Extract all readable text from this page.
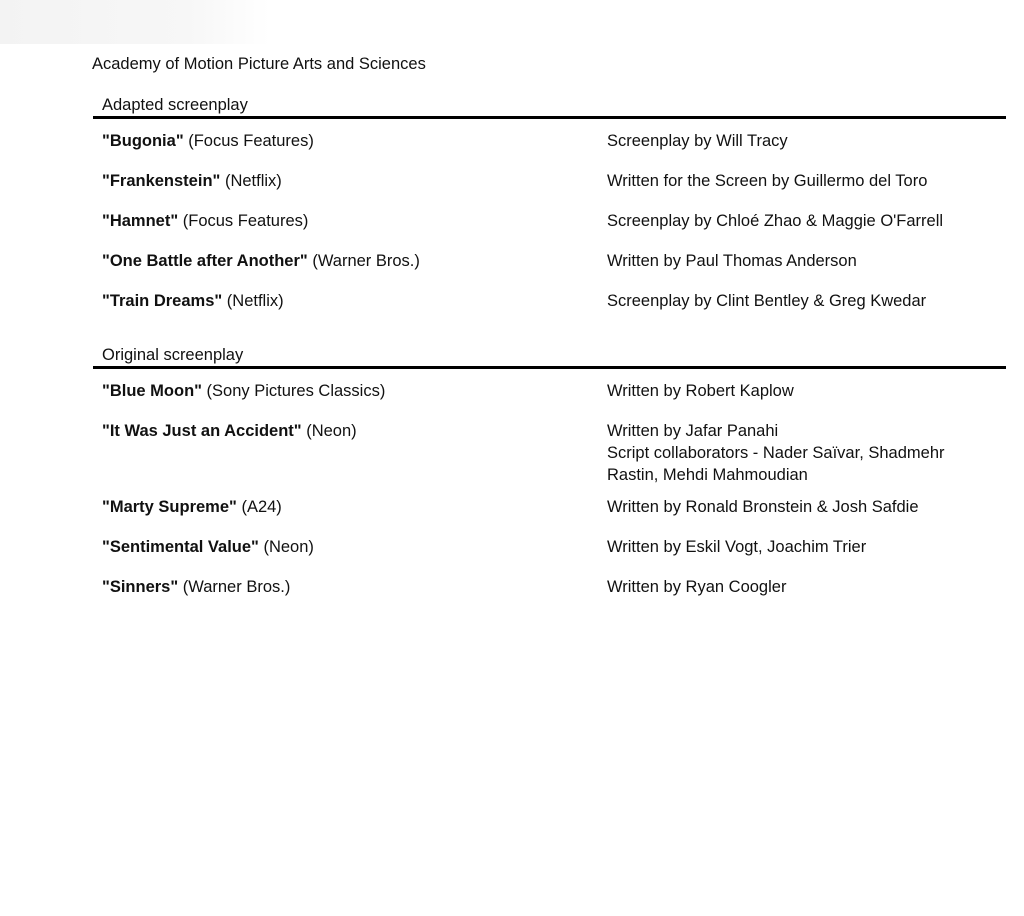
Academy of Motion Picture Arts and Sciences
Adapted screenplay
"Bugonia" (Focus Features)	Screenplay by Will Tracy
"Frankenstein" (Netflix)	Written for the Screen by Guillermo del Toro
"Hamnet" (Focus Features)	Screenplay by Chloé Zhao & Maggie O'Farrell
"One Battle after Another" (Warner Bros.)	Written by Paul Thomas Anderson
"Train Dreams" (Netflix)	Screenplay by Clint Bentley & Greg Kwedar
Original screenplay
"Blue Moon" (Sony Pictures Classics)	Written by Robert Kaplow
"It Was Just an Accident" (Neon)	Written by Jafar Panahi
Script collaborators - Nader Saïvar, Shadmehr
Rastin, Mehdi Mahmoudian
"Marty Supreme" (A24)	Written by Ronald Bronstein & Josh Safdie
"Sentimental Value" (Neon)	Written by Eskil Vogt, Joachim Trier
"Sinners" (Warner Bros.)	Written by Ryan Coogler
